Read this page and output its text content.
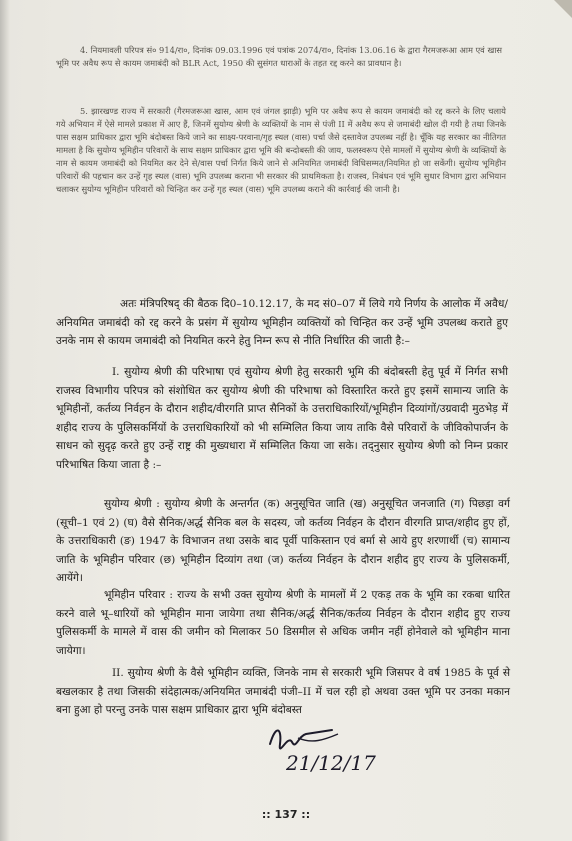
4. नियमावली परिपत्र सं० 914/रा०, दिनांक 09.03.1996 एवं पत्रांक 2074/रा०, दिनांक 13.06.16 के द्वारा गैरमजरूआ आम एवं खास भूमि पर अवैध रूप से कायम जमाबंदी को BLR Act, 1950 की सुसंगत धाराओं के तहत रद्द करने का प्रावधान है।

5. झारखण्ड राज्य में सरकारी (गैरमजरूआ खास, आम एवं जंगल झाड़ी) भूमि पर अवैध रूप से कायम जमाबंदी को रद्द करने के लिए चलाये गये अभियान में ऐसे मामले प्रकाश में आए हैं, जिनमें सुयोग्य श्रेणी के व्यक्तियों के नाम से पंजी II में अवैध रूप से जमाबंदी खोल दी गयी है तथा जिनके पास सक्षम प्राधिकार द्वारा भूमि बंदोबस्त किये जाने का साक्ष्य-परवाना/गृह स्थल (वास) पर्चा जैसे दस्तावेज उपलब्ध नहीं है। चूँकि यह सरकार का नीतिगत मामला है कि सुयोग्य भूमिहीन परिवारों के साथ सक्षम प्राधिकार द्वारा भूमि की बन्दोबस्ती की जाय, फलस्वरूप ऐसे मामलों में सुयोग्य श्रेणी के व्यक्तियों के नाम से कायम जमाबंदी को नियमित कर देने से/वास पर्चा निर्गत किये जाने से अनियमित जमाबंदी विधिसम्मत/नियमित हो जा सकेंगी। सुयोग्य भूमिहीन परिवारों की पहचान कर उन्हें गृह स्थल (वास) भूमि उपलब्ध कराना भी सरकार की प्राथमिकता है। राजस्व, निबंधन एवं भूमि सुधार विभाग द्वारा अभियान चलाकर सुयोग्य भूमिहीन परिवारों को चिन्हित कर उन्हें गृह स्थल (वास) भूमि उपलब्ध कराने की कार्रवाई की जानी है।

अतः मंत्रिपरिषद् की बैठक दि0–10.12.17, के मद सं0–07 में लिये गये निर्णय के आलोक में अवैध/अनियमित जमाबंदी को रद्द करने के प्रसंग में सुयोग्य भूमिहीन व्यक्तियों को चिन्हित कर उन्हें भूमि उपलब्ध कराते हुए उनके नाम से कायम जमाबंदी को नियमित करने हेतु निम्न रूप से नीति निर्धारित की जाती है:–

I. सुयोग्य श्रेणी की परिभाषा एवं सुयोग्य श्रेणी हेतु सरकारी भूमि की बंदोबस्ती हेतु पूर्व में निर्गत सभी राजस्व विभागीय परिपत्र को संशोधित कर सुयोग्य श्रेणी की परिभाषा को विस्तारित करते हुए इसमें सामान्य जाति के भूमिहीनों, कर्तव्य निर्वहन के दौरान शहीद/वीरगति प्राप्त सैनिकों के उत्तराधिकारियों/भूमिहीन दिव्यांगों/उग्रवादी मुठभेड़ में शहीद राज्य के पुलिसकर्मियों के उत्तराधिकारियों को भी सम्मिलित किया जाय ताकि वैसे परिवारों के जीविकोपार्जन के साधन को सुदृढ़ करते हुए उन्हें राष्ट्र की मुख्यधारा में सम्मिलित किया जा सके। तद्नुसार सुयोग्य श्रेणी को निम्न प्रकार परिभाषित किया जाता है :–

सुयोग्य श्रेणी : सुयोग्य श्रेणी के अन्तर्गत (क) अनुसूचित जाति (ख) अनुसूचित जनजाति (ग) पिछड़ा वर्ग (सूची–1 एवं 2) (घ) वैसे सैनिक/अर्द्ध सैनिक बल के सदस्य, जो कर्तव्य निर्वहन के दौरान वीरगति प्राप्त/शहीद हुए हों, के उत्तराधिकारी (ङ) 1947 के विभाजन तथा उसके बाद पूर्वी पाकिस्तान एवं बर्मा से आये हुए शरणार्थी (च) सामान्य जाति के भूमिहीन परिवार (छ) भूमिहीन दिव्यांग तथा (ज) कर्तव्य निर्वहन के दौरान शहीद हुए राज्य के पुलिसकर्मी, आयेंगे।

भूमिहीन परिवार : राज्य के सभी उक्त सुयोग्य श्रेणी के मामलों में 2 एकड़ तक के भूमि का रकबा धारित करने वाले भू–धारियों को भूमिहीन माना जायेगा तथा सैनिक/अर्द्ध सैनिक/कर्तव्य निर्वहन के दौरान शहीद हुए राज्य पुलिसकर्मी के मामले में वास की जमीन को मिलाकर 50 डिसमील से अधिक जमीन नहीं होनेवाले को भूमिहीन माना जायेगा।

II. सुयोग्य श्रेणी के वैसे भूमिहीन व्यक्ति, जिनके नाम से सरकारी भूमि जिसपर वे वर्ष 1985 के पूर्व से बखलकार है तथा जिसकी संदेहात्मक/अनियमित जमाबंदी पंजी–II में चल रही हो अथवा उक्त भूमि पर उनका मकान बना हुआ हो परन्तु उनके पास सक्षम प्राधिकार द्वारा भूमि बंदोबस्त

21/12/17
:: 137 ::
